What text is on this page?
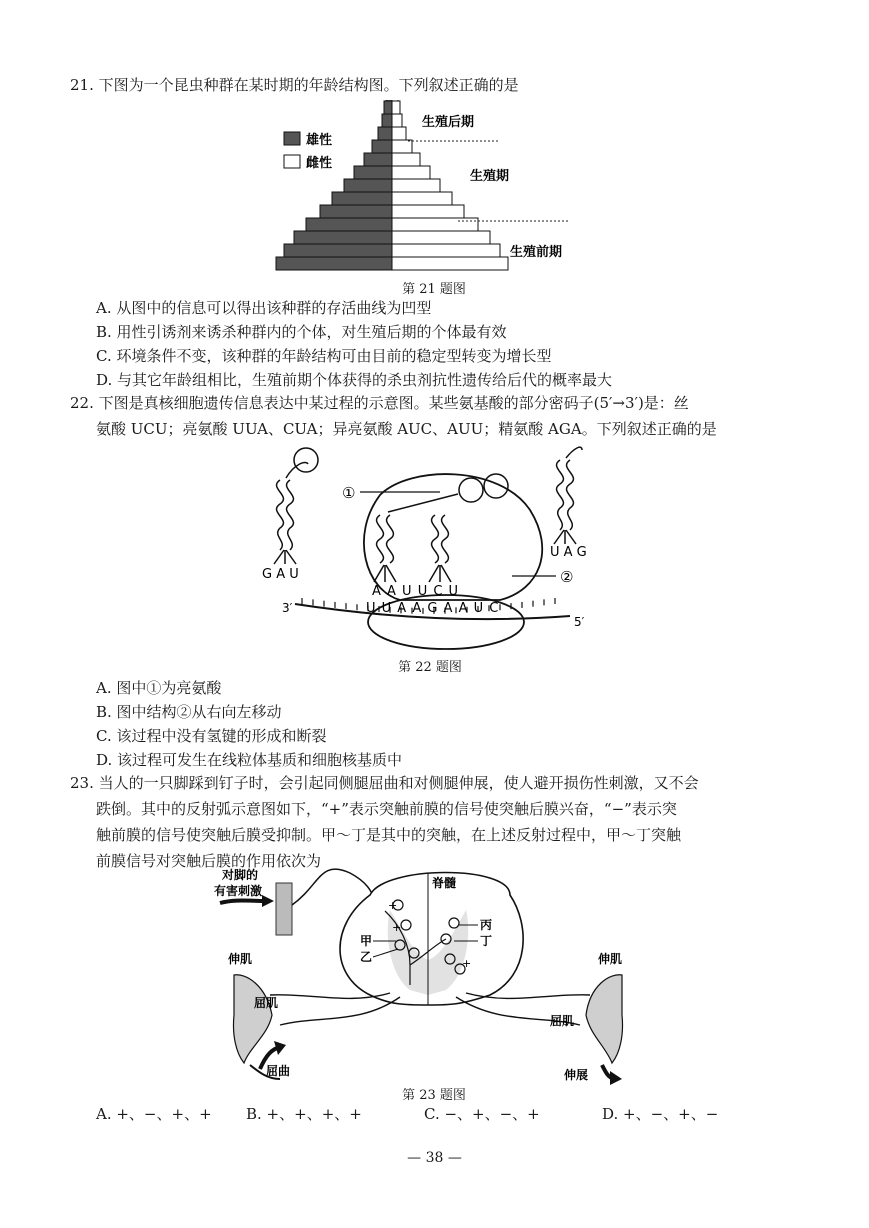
21. 下图为一个昆虫种群在某时期的年龄结构图。下列叙述正确的是
雄性
雌性
生殖后期
生殖期
生殖前期
第 21 题图
A. 从图中的信息可以得出该种群的存活曲线为凹型
B. 用性引诱剂来诱杀种群内的个体，对生殖后期的个体最有效
C. 环境条件不变，该种群的年龄结构可由目前的稳定型转变为增长型
D. 与其它年龄组相比，生殖前期个体获得的杀虫剂抗性遗传给后代的概率最大
22. 下图是真核细胞遗传信息表达中某过程的示意图。某些氨基酸的部分密码子(5′→3′)是：丝
氨酸 UCU；亮氨酸 UUA、CUA；异亮氨酸 AUC、AUU；精氨酸 AGA。下列叙述正确的是
3′
5′
U U A A G A A U C
G A U
A A U U C U
①
②
U A G
第 22 题图
A. 图中①为亮氨酸
B. 图中结构②从右向左移动
C. 该过程中没有氢键的形成和断裂
D. 该过程可发生在线粒体基质和细胞核基质中
23. 当人的一只脚踩到钉子时，会引起同侧腿屈曲和对侧腿伸展，使人避开损伤性刺激，又不会
跌倒。其中的反射弧示意图如下，“+”表示突触前膜的信号使突触后膜兴奋，“−”表示突
触前膜的信号使突触后膜受抑制。甲～丁是其中的突触，在上述反射过程中，甲～丁突触
前膜信号对突触后膜的作用依次为
对脚的
有害刺激
脊髓
+
+
+
甲
乙
丙
丁
伸肌
屈肌
屈曲
伸肌
屈肌
伸展
第 23 题图
A. +、−、+、+ B. +、+、+、+	C. −、+、−、+	D. +、−、+、−
— 38 —
